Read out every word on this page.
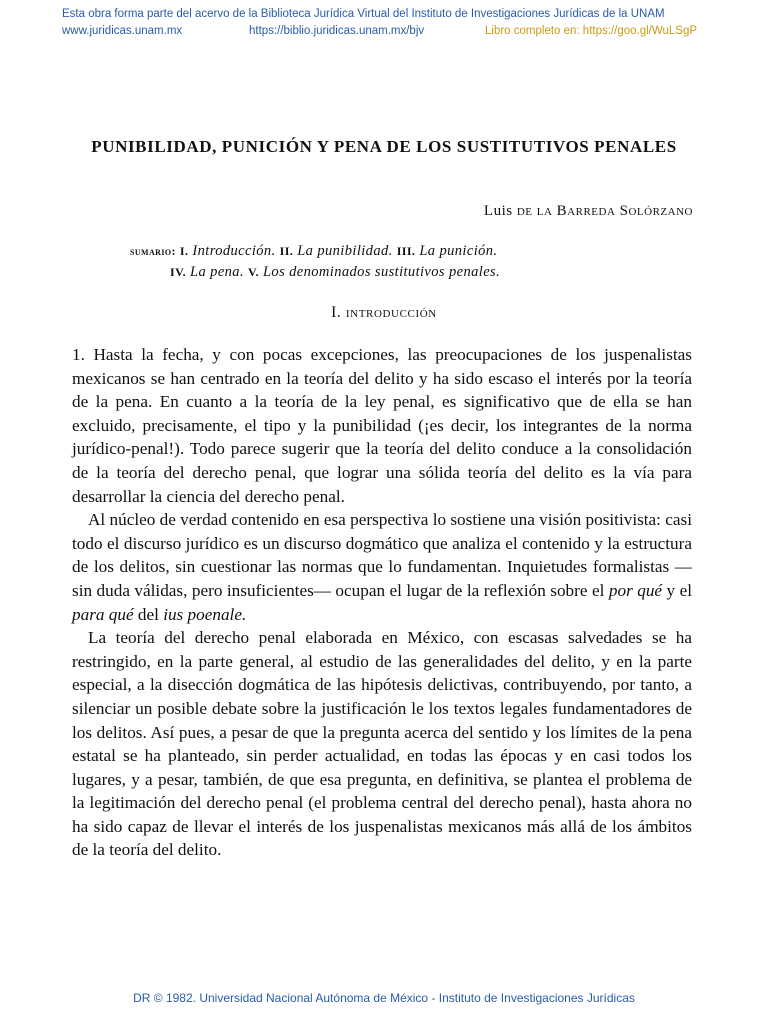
Esta obra forma parte del acervo de la Biblioteca Jurídica Virtual del Instituto de Investigaciones Jurídicas de la UNAM
www.juridicas.unam.mx	https://biblio.juridicas.unam.mx/bjv	Libro completo en: https://goo.gl/WuLSgP
PUNIBILIDAD, PUNICIÓN Y PENA DE LOS SUSTITUTIVOS PENALES
Luis de la Barreda Solórzano
sumario: I. Introducción. II. La punibilidad. III. La punición.
IV. La pena. V. Los denominados sustitutivos penales.
I. introducción

1. Hasta la fecha, y con pocas excepciones, las preocupaciones de los juspenalistas mexicanos se han centrado en la teoría del delito y ha sido escaso el interés por la teoría de la pena. En cuanto a la teoría de la ley penal, es significativo que de ella se han excluido, precisamente, el tipo y la punibilidad (¡es decir, los integrantes de la norma jurídico-penal!). Todo parece sugerir que la teoría del delito conduce a la consolidación de la teoría del derecho penal, que lograr una sólida teoría del delito es la vía para desarrollar la ciencia del derecho penal.

Al núcleo de verdad contenido en esa perspectiva lo sostiene una visión positivista: casi todo el discurso jurídico es un discurso dogmático que analiza el contenido y la estructura de los delitos, sin cuestionar las normas que lo fundamentan. Inquietudes formalistas —sin duda válidas, pero insuficientes— ocupan el lugar de la reflexión sobre el por qué y el para qué del ius poenale.

La teoría del derecho penal elaborada en México, con escasas salvedades se ha restringido, en la parte general, al estudio de las generalidades del delito, y en la parte especial, a la disección dogmática de las hipótesis delictivas, contribuyendo, por tanto, a silenciar un posible debate sobre la justificación le los textos legales fundamentadores de los delitos. Así pues, a pesar de que la pregunta acerca del sentido y los límites de la pena estatal se ha planteado, sin perder actualidad, en todas las épocas y en casi todos los lugares, y a pesar, también, de que esa pregunta, en definitiva, se plantea el problema de la legitimación del derecho penal (el problema central del derecho penal), hasta ahora no ha sido capaz de llevar el interés de los juspenalistas mexicanos más allá de los ámbitos de la teoría del delito.

DR © 1982. Universidad Nacional Autónoma de México - Instituto de Investigaciones Jurídicas
